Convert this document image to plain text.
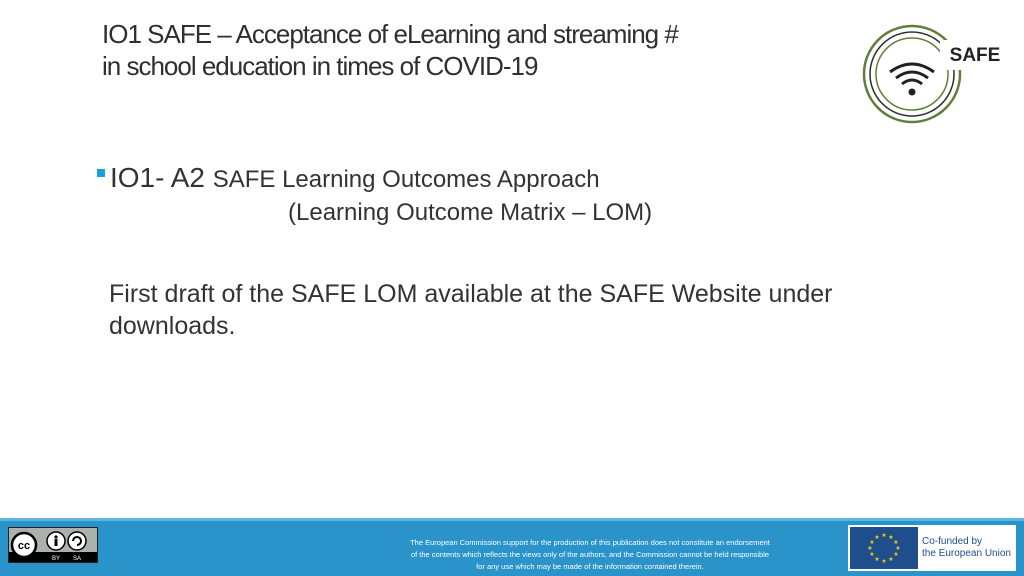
IO1 SAFE – Acceptance of eLearning and streaming #
in school education in times of COVID-19	SAFE
IO1- A2 SAFE Learning Outcomes Approach
(Learning Outcome Matrix – LOM)
First draft of the SAFE LOM available at the SAFE Website under downloads.
cc
BY SA
The European Commission support for the production of this publication does not constitute an endorsement
of the contents which reflects the views only of the authors, and the Commission cannot be held responsible
for any use which may be made of the information contained therein.
★ ★
★
★
★
★
★
★
★
★
★
★	Co-funded by
the European Union
